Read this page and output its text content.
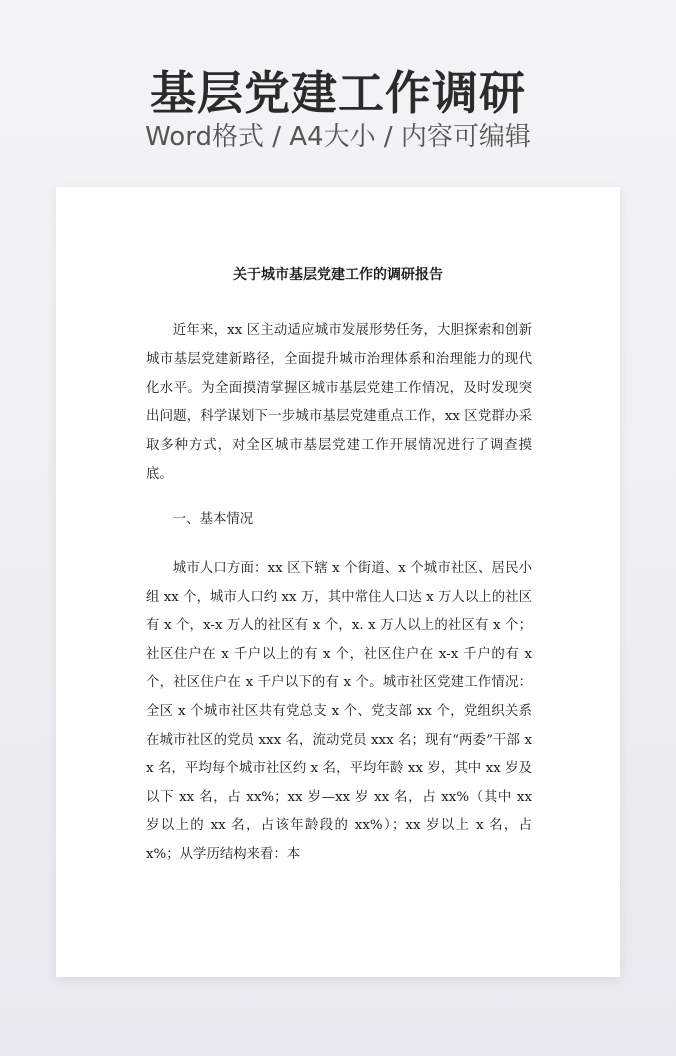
基层党建工作调研
Word格式 / A4大小 / 内容可编辑
关于城市基层党建工作的调研报告

近年来，xx 区主动适应城市发展形势任务，大胆探索和创新城市基层党建新路径，全面提升城市治理体系和治理能力的现代化水平。为全面摸清掌握区城市基层党建工作情况，及时发现突出问题，科学谋划下一步城市基层党建重点工作，xx 区党群办采取多种方式，对全区城市基层党建工作开展情况进行了调查摸底。

一、基本情况

城市人口方面：xx 区下辖 x 个街道、x 个城市社区、居民小组 xx 个，城市人口约 xx 万，其中常住人口达 x 万人以上的社区有 x 个，x-x 万人的社区有 x 个，x. x 万人以上的社区有 x 个；社区住户在 x 千户以上的有 x 个，社区住户在 x-x 千户的有 x 个，社区住户在 x 千户以下的有 x 个。城市社区党建工作情况：全区 x 个城市社区共有党总支 x 个、党支部 xx 个，党组织关系在城市社区的党员 xxx 名，流动党员 xxx 名；现有“两委”干部 xx 名，平均每个城市社区约 x 名，平均年龄 xx 岁，其中 xx 岁及以下 xx 名，占 xx%；xx 岁—xx 岁 xx 名，占 xx%（其中 xx 岁以上的 xx 名，占该年龄段的 xx%）；xx 岁以上 x 名，占 x%；从学历结构来看：本
